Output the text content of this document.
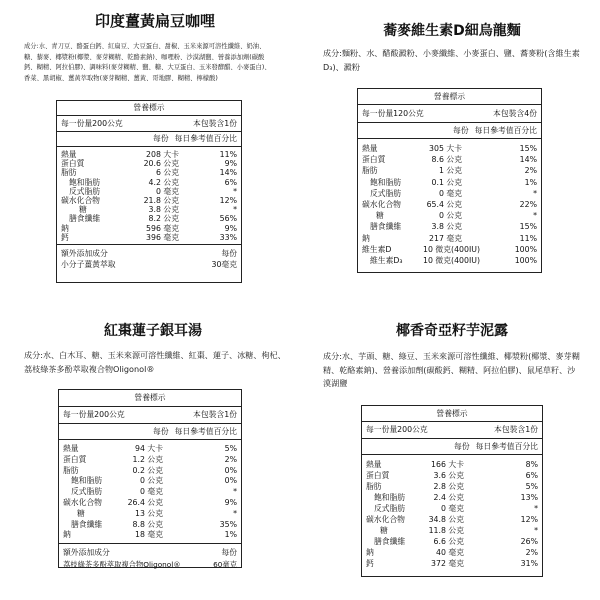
印度薑黃扁豆咖哩
成分:水、青刀豆、酪蛋白鈣、紅扁豆、大豆蛋白、甜椒、玉米來源可溶性纖維、奶油、糖、藜麥、椰漿粉(椰漿、麥芽糊精、乾酪素鈉)、咖哩粉、沙漠湖鹽、營養添加劑(碳酸鈣、糊精、阿拉伯膠)、調味料(麥芽糊精、鹽、糖、大豆蛋白、玉米發酵醋、小麥蛋白)、香菜、黑胡椒、薑黃萃取物(麥芽糊精、薑黃、哥地膠、糊精、檸檬酸)
營養標示
每一份量200公克	本包裝含1份
每份 每日參考值百分比
熱量	208 大卡	11%
蛋白質	20.6 公克	9%
脂肪	6 公克	14%
飽和脂肪	4.2 公克	6%
反式脂肪	0 毫克	*
碳水化合物	21.8 公克	12%
糖	3.8 公克	*
膳食纖維	8.2 公克	56%
鈉	596 毫克	9%
鈣	396 毫克	33%
額外添加成分	每份
小分子薑黃萃取	30毫克
蕎麥維生素D細烏龍麵
成分:麵粉、水、醋酸澱粉、小麥纖維、小麥蛋白、鹽、蕎麥粉(含維生素D₃)、澱粉
營養標示
每一份量120公克	本包裝含4份
每份 每日參考值百分比
熱量	305 大卡	15%
蛋白質	8.6 公克	14%
脂肪	1 公克	2%
飽和脂肪	0.1 公克	1%
反式脂肪	0 毫克	*
碳水化合物	65.4 公克	22%
糖	0 公克	*
膳食纖維	3.8 公克	15%
鈉	217 毫克	11%
維生素D	10 微克(400IU)	100%
維生素D₃	10 微克(400IU)	100%
紅棗蓮子銀耳湯
成分:水、白木耳、糖、玉米來源可溶性纖維、紅棗、蓮子、冰糖、枸杞、荔枝綠茶多酚萃取複合物Oligonol®
營養標示
每一份量200公克	本包裝含1份
每份 每日參考值百分比
熱量	94 大卡	5%
蛋白質	1.2 公克	2%
脂肪	0.2 公克	0%
飽和脂肪	0 公克	0%
反式脂肪	0 毫克	*
碳水化合物	26.4 公克	9%
糖	13 公克	*
膳食纖維	8.8 公克	35%
鈉	18 毫克	1%
額外添加成分	每份
荔枝綠茶多酚萃取複合物Oligonol®	60毫克
椰香奇亞籽芋泥露
成分:水、芋頭、糖、綠豆、玉米來源可溶性纖維、椰漿粉(椰漿、麥芽糊精、乾酪素鈉)、營養添加劑(碳酸鈣、糊精、阿拉伯膠)、鼠尾草籽、沙漠湖鹽
營養標示
每一份量200公克	本包裝含1份
每份 每日參考值百分比
熱量	166 大卡	8%
蛋白質	3.6 公克	6%
脂肪	2.8 公克	5%
飽和脂肪	2.4 公克	13%
反式脂肪	0 毫克	*
碳水化合物	34.8 公克	12%
糖	11.8 公克	*
膳食纖維	6.6 公克	26%
鈉	40 毫克	2%
鈣	372 毫克	31%
